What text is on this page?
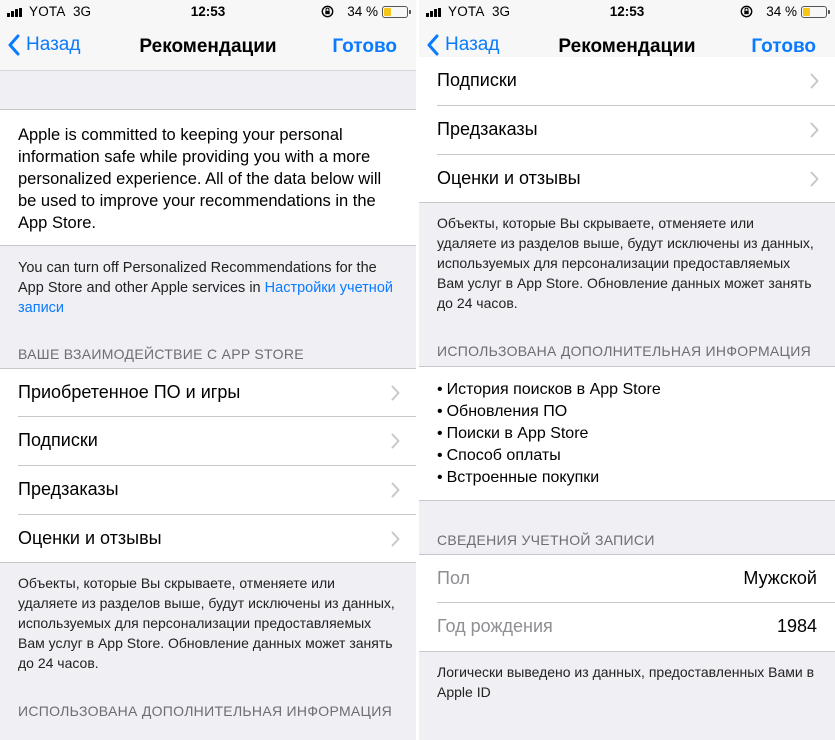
YOTA 3G	12:53	34 %
Назад	Рекомендации	Готово

Apple is committed to keeping your personal information safe while providing you with a more personalized experience. All of the data below will be used to improve your recommendations in the App Store.

You can turn off Personalized Recommendations for the App Store and other Apple services in Настройки учетной записи

ВАШЕ ВЗАИМОДЕЙСТВИЕ С APP STORE
Приобретенное ПО и игры
Подписки
Предзаказы
Оценки и отзывы

Объекты, которые Вы скрываете, отменяете или удаляете из разделов выше, будут исключены из данных, используемых для персонализации предоставляемых Вам услуг в App Store. Обновление данных может занять до 24 часов.

ИСПОЛЬЗОВАНА ДОПОЛНИТЕЛЬНАЯ ИНФОРМАЦИЯ
YOTA 3G	12:53	34 %
Назад	Рекомендации	Готово
Подписки
Предзаказы
Оценки и отзывы

Объекты, которые Вы скрываете, отменяете или удаляете из разделов выше, будут исключены из данных, используемых для персонализации предоставляемых Вам услуг в App Store. Обновление данных может занять до 24 часов.

ИСПОЛЬЗОВАНА ДОПОЛНИТЕЛЬНАЯ ИНФОРМАЦИЯ
• История поисков в App Store
• Обновления ПО
• Поиски в App Store
• Способ оплаты
• Встроенные покупки
СВЕДЕНИЯ УЧЕТНОЙ ЗАПИСИ
Пол	Мужской
Год рождения	1984

Логически выведено из данных, предоставленных Вами в Apple ID
